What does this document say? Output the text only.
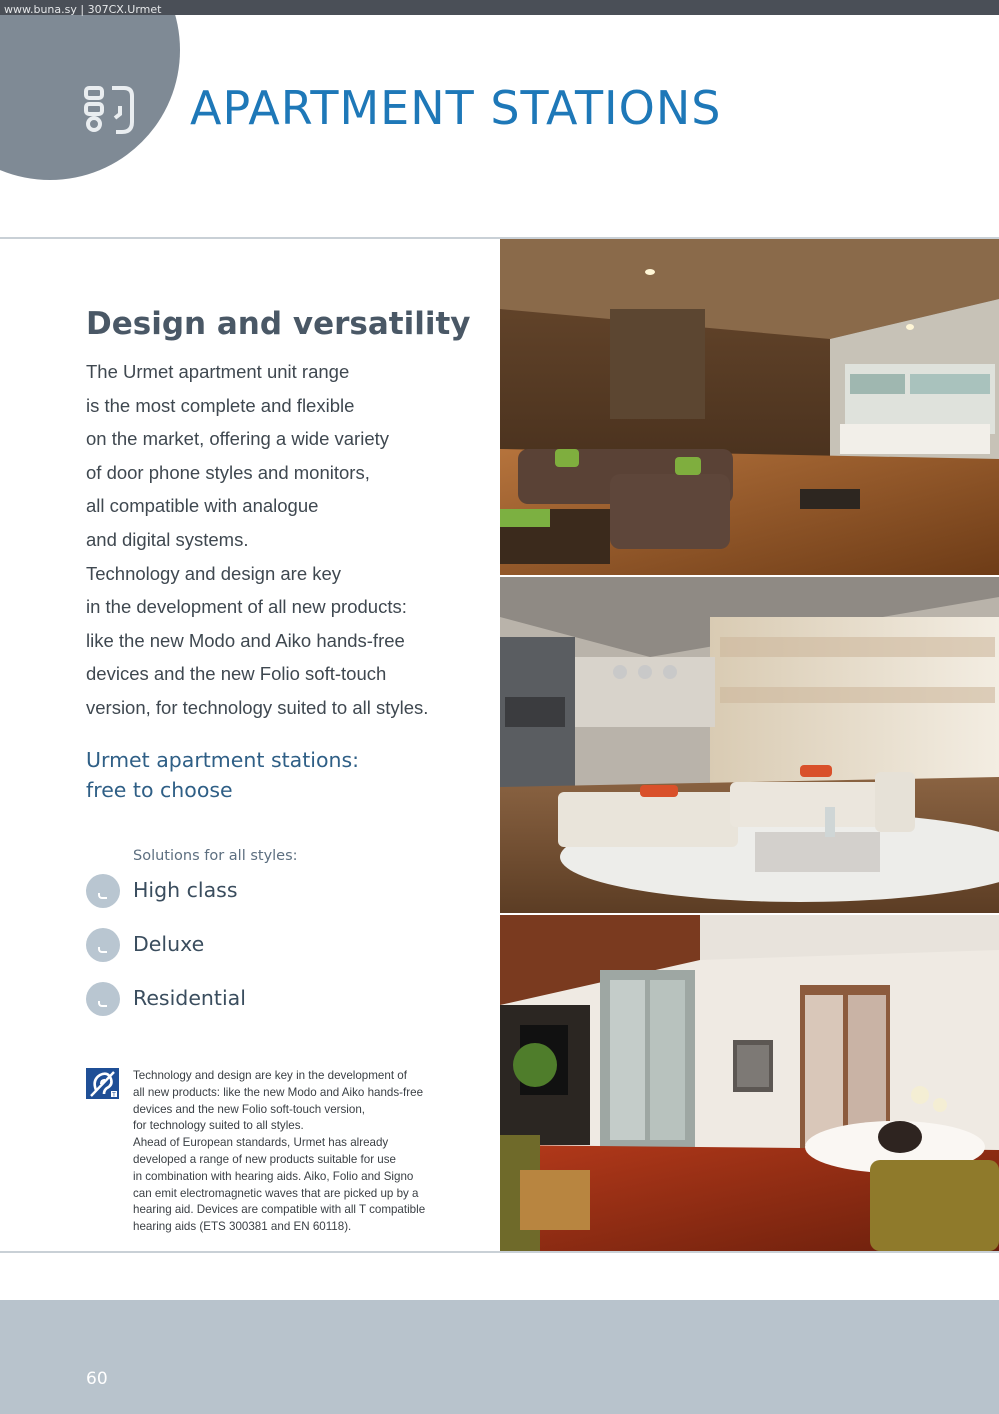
www.buna.sy | 307CX.Urmet
APARTMENT STATIONS
Design and versatility
The Urmet apartment unit range
is the most complete and flexible
on the market, offering a wide variety
of door phone styles and monitors,
all compatible with analogue
and digital systems.
Technology and design are key
in the development of all new products:
like the new Modo and Aiko hands-free
devices and the new Folio soft-touch
version, for technology suited to all styles.
Urmet apartment stations:
free to choose
Solutions for all styles:
High class
Deluxe
Residential
T
Technology and design are key in the development of
all new products: like the new Modo and Aiko hands-free
devices and the new Folio soft-touch version,
for technology suited to all styles.
Ahead of European standards, Urmet has already
developed a range of new products suitable for use
in combination with hearing aids. Aiko, Folio and Signo
can emit electromagnetic waves that are picked up by a
hearing aid. Devices are compatible with all T compatible
hearing aids (ETS 300381 and EN 60118).
60
